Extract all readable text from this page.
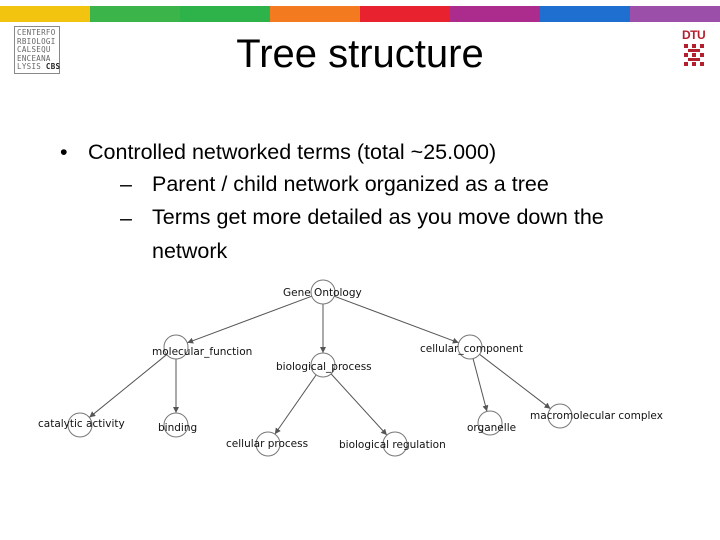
CENTERFO
RBIOLOGI
CALSEQU
ENCEANA
LYSIS CBS
DTU
Tree structure
• Controlled networked terms (total ~25.000)
– Parent / child network organized as a tree
– Terms get more detailed as you move down the network
Gene Ontology
molecular_function
biological_process
cellular_component
catalytic activity	binding
cellular process	biological regulation
organelle
macromolecular complex
